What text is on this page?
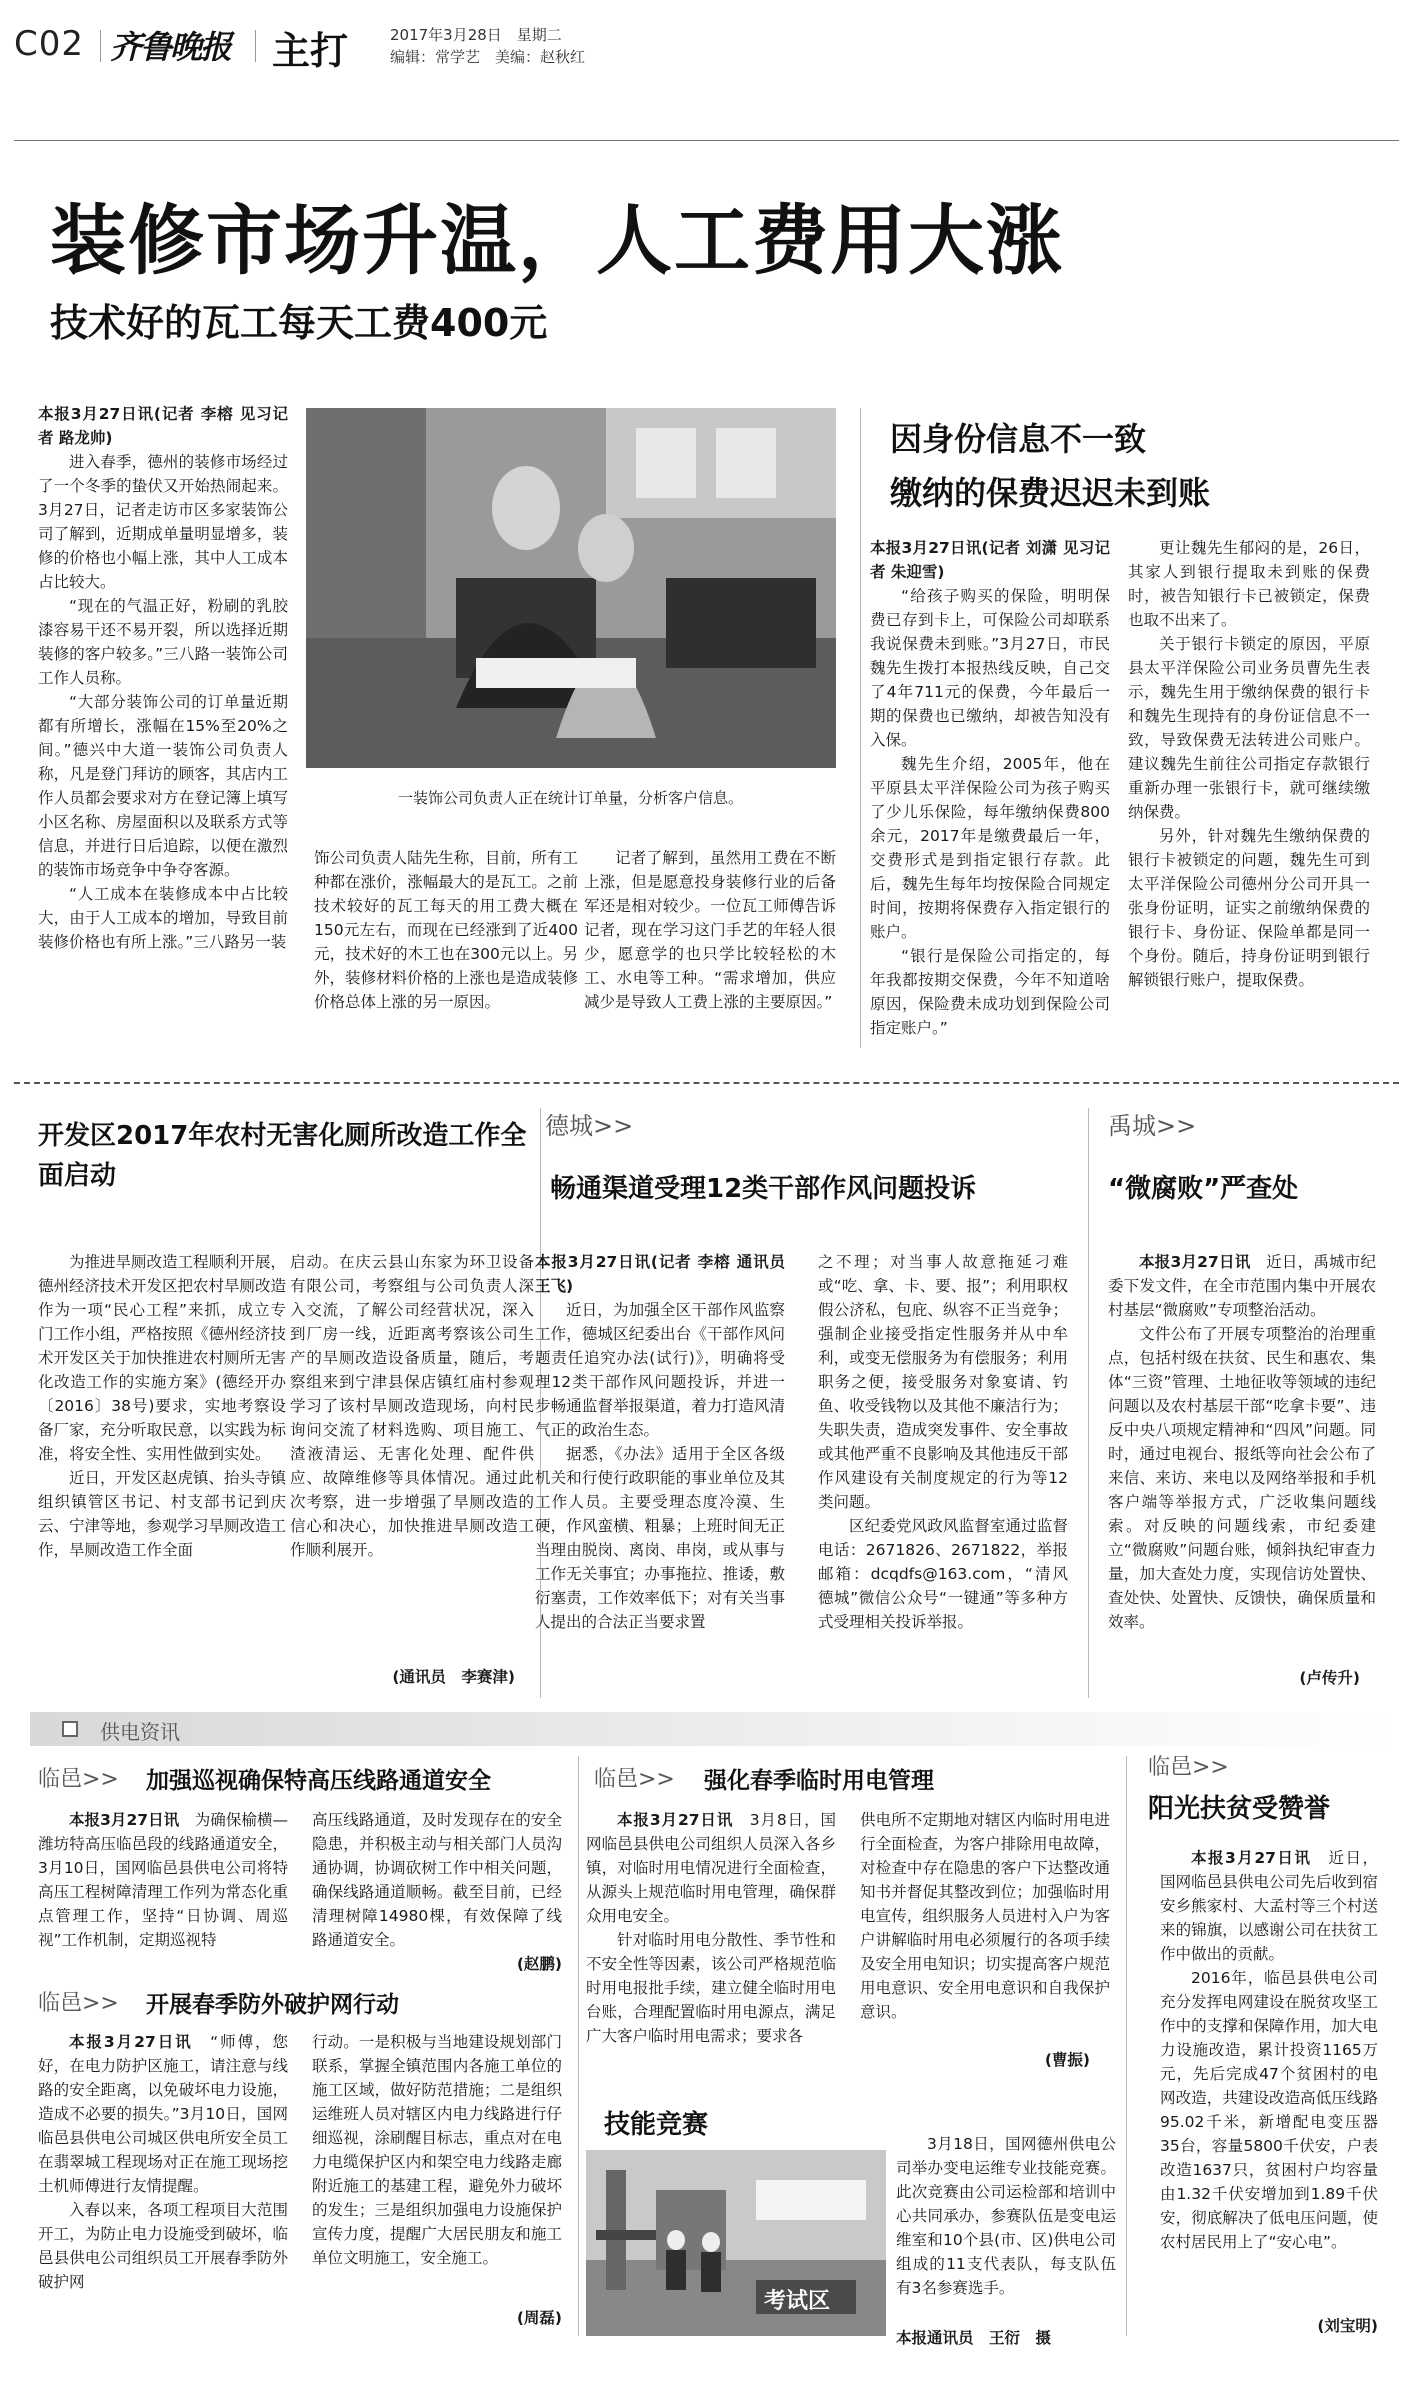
C02 齐鲁晚报 主打	2017年3月28日　星期二
编辑：常学艺　美编：赵秋红
装修市场升温，人工费用大涨
技术好的瓦工每天工费400元
本报3月27日讯(记者 李榕 见习记者 路龙帅)

进入春季，德州的装修市场经过了一个冬季的蛰伏又开始热闹起来。3月27日，记者走访市区多家装饰公司了解到，近期成单量明显增多，装修的价格也小幅上涨，其中人工成本占比较大。

“现在的气温正好，粉刷的乳胶漆容易干还不易开裂，所以选择近期装修的客户较多。”三八路一装饰公司工作人员称。

“大部分装饰公司的订单量近期都有所增长，涨幅在15%至20%之间。”德兴中大道一装饰公司负责人称，凡是登门拜访的顾客，其店内工作人员都会要求对方在登记簿上填写小区名称、房屋面积以及联系方式等信息，并进行日后追踪，以便在激烈的装饰市场竞争中争夺客源。

“人工成本在装修成本中占比较大，由于人工成本的增加，导致目前装修价格也有所上涨。”三八路另一装

一装饰公司负责人正在统计订单量，分析客户信息。
饰公司负责人陆先生称，目前，所有工种都在涨价，涨幅最大的是瓦工。之前技术较好的瓦工每天的用工费大概在150元左右，而现在已经涨到了近400元，技术好的木工也在300元以上。另外，装修材料价格的上涨也是造成装修价格总体上涨的另一原因。

记者了解到，虽然用工费在不断上涨，但是愿意投身装修行业的后备军还是相对较少。一位瓦工师傅告诉记者，现在学习这门手艺的年轻人很少，愿意学的也只学比较轻松的木工、水电等工种。“需求增加，供应减少是导致人工费上涨的主要原因。”

因身份信息不一致
缴纳的保费迟迟未到账
本报3月27日讯(记者 刘潇 见习记者 朱迎雪)

“给孩子购买的保险，明明保费已存到卡上，可保险公司却联系我说保费未到账。”3月27日，市民魏先生拨打本报热线反映，自己交了4年711元的保费，今年最后一期的保费也已缴纳，却被告知没有入保。

魏先生介绍，2005年，他在平原县太平洋保险公司为孩子购买了少儿乐保险，每年缴纳保费800余元，2017年是缴费最后一年，交费形式是到指定银行存款。此后，魏先生每年均按保险合同规定时间，按期将保费存入指定银行的账户。

“银行是保险公司指定的，每年我都按期交保费，今年不知道啥原因，保险费未成功划到保险公司指定账户。”

更让魏先生郁闷的是，26日，其家人到银行提取未到账的保费时，被告知银行卡已被锁定，保费也取不出来了。

关于银行卡锁定的原因，平原县太平洋保险公司业务员曹先生表示，魏先生用于缴纳保费的银行卡和魏先生现持有的身份证信息不一致，导致保费无法转进公司账户。建议魏先生前往公司指定存款银行重新办理一张银行卡，就可继续缴纳保费。

另外，针对魏先生缴纳保费的银行卡被锁定的问题，魏先生可到太平洋保险公司德州分公司开具一张身份证明，证实之前缴纳保费的银行卡、身份证、保险单都是同一个身份。随后，持身份证明到银行解锁银行账户，提取保费。

开发区2017年农村无害化厕所改造工作全面启动

为推进旱厕改造工程顺利开展，德州经济技术开发区把农村旱厕改造作为一项“民心工程”来抓，成立专门工作小组，严格按照《德州经济技术开发区关于加快推进农村厕所无害化改造工作的实施方案》(德经开办〔2016〕38号)要求，实地考察设备厂家，充分听取民意，以实践为标准，将安全性、实用性做到实处。

近日，开发区赵虎镇、抬头寺镇组织镇管区书记、村支部书记到庆云、宁津等地，参观学习旱厕改造工作，旱厕改造工作全面

启动。在庆云县山东家为环卫设备有限公司，考察组与公司负责人深入交流，了解公司经营状况，深入到厂房一线，近距离考察该公司生产的旱厕改造设备质量，随后，考察组来到宁津县保店镇红庙村参观学习了该村旱厕改造现场，向村民询问交流了材料选购、项目施工、渣液清运、无害化处理、配件供应、故障维修等具体情况。通过此次考察，进一步增强了旱厕改造的信心和决心，加快推进旱厕改造工作顺利展开。

(通讯员　李赛津)
德城>>
畅通渠道受理12类干部作风问题投诉
本报3月27日讯(记者 李榕 通讯员 王飞)

近日，为加强全区干部作风监察工作，德城区纪委出台《干部作风问题责任追究办法(试行)》，明确将受理12类干部作风问题投诉，并进一步畅通监督举报渠道，着力打造风清气正的政治生态。

据悉，《办法》适用于全区各级机关和行使行政职能的事业单位及其工作人员。主要受理态度冷漠、生硬，作风蛮横、粗暴；上班时间无正当理由脱岗、离岗、串岗，或从事与工作无关事宜；办事拖拉、推诿，敷衍塞责，工作效率低下；对有关当事人提出的合法正当要求置

之不理；对当事人故意拖延刁难或“吃、拿、卡、要、报”；利用职权假公济私，包庇、纵容不正当竞争；强制企业接受指定性服务并从中牟利，或变无偿服务为有偿服务；利用职务之便，接受服务对象宴请、钓鱼、收受钱物以及其他不廉洁行为；失职失责，造成突发事件、安全事故或其他严重不良影响及其他违反干部作风建设有关制度规定的行为等12类问题。

区纪委党风政风监督室通过监督电话：2671826、2671822，举报邮箱：dcqdfs@163.com，“清风德城”微信公众号“一键通”等多种方式受理相关投诉举报。

禹城>>
“微腐败”严查处

本报3月27日讯　近日，禹城市纪委下发文件，在全市范围内集中开展农村基层“微腐败”专项整治活动。

文件公布了开展专项整治的治理重点，包括村级在扶贫、民生和惠农、集体“三资”管理、土地征收等领域的违纪问题以及农村基层干部“吃拿卡要”、违反中央八项规定精神和“四风”问题。同时，通过电视台、报纸等向社会公布了来信、来访、来电以及网络举报和手机客户端等举报方式，广泛收集问题线索。对反映的问题线索，市纪委建立“微腐败”问题台账，倾斜执纪审查力量，加大查处力度，实现信访处置快、查处快、处置快、反馈快，确保质量和效率。

(卢传升)
供电资讯
临邑>> 加强巡视确保特高压线路通道安全

本报3月27日讯　为确保榆横—潍坊特高压临邑段的线路通道安全，3月10日，国网临邑县供电公司将特高压工程树障清理工作列为常态化重点管理工作，坚持“日协调、周巡视”工作机制，定期巡视特

高压线路通道，及时发现存在的安全隐患，并积极主动与相关部门人员沟通协调，协调砍树工作中相关问题，确保线路通道顺畅。截至目前，已经清理树障14980棵，有效保障了线路通道安全。
(赵鹏)
临邑>> 开展春季防外破护网行动

本报3月27日讯　“师傅，您好，在电力防护区施工，请注意与线路的安全距离，以免破坏电力设施，造成不必要的损失。”3月10日，国网临邑县供电公司城区供电所安全员工在翡翠城工程现场对正在施工现场挖土机师傅进行友情提醒。

入春以来，各项工程项目大范围开工，为防止电力设施受到破坏，临邑县供电公司组织员工开展春季防外破护网

行动。一是积极与当地建设规划部门联系，掌握全镇范围内各施工单位的施工区域，做好防范措施；二是组织运维班人员对辖区内电力线路进行仔细巡视，涂刷醒目标志，重点对在电力电缆保护区内和架空电力线路走廊附近施工的基建工程，避免外力破坏的发生；三是组织加强电力设施保护宣传力度，提醒广大居民朋友和施工单位文明施工，安全施工。

(周磊)
临邑>> 强化春季临时用电管理

本报3月27日讯　3月8日，国网临邑县供电公司组织人员深入各乡镇，对临时用电情况进行全面检查，从源头上规范临时用电管理，确保群众用电安全。

针对临时用电分散性、季节性和不安全性等因素，该公司严格规范临时用电报批手续，建立健全临时用电台账，合理配置临时用电源点，满足广大客户临时用电需求；要求各

供电所不定期地对辖区内临时用电进行全面检查，为客户排除用电故障，对检查中存在隐患的客户下达整改通知书并督促其整改到位；加强临时用电宣传，组织服务人员进村入户为客户讲解临时用电必须履行的各项手续及安全用电知识；切实提高客户规范用电意识、安全用电意识和自我保护意识。
(曹振)
技能竞赛
考试区

3月18日，国网德州供电公司举办变电运维专业技能竞赛。此次竞赛由公司运检部和培训中心共同承办，参赛队伍是变电运维室和10个县(市、区)供电公司组成的11支代表队，每支队伍有3名参赛选手。

本报通讯员　王衍　摄
临邑>>
阳光扶贫受赞誉

本报3月27日讯　近日，国网临邑县供电公司先后收到宿安乡熊家村、大孟村等三个村送来的锦旗，以感谢公司在扶贫工作中做出的贡献。

2016年，临邑县供电公司充分发挥电网建设在脱贫攻坚工作中的支撑和保障作用，加大电力设施改造，累计投资1165万元，先后完成47个贫困村的电网改造，共建设改造高低压线路95.02千米，新增配电变压器35台，容量5800千伏安，户表改造1637只，贫困村户均容量由1.32千伏安增加到1.89千伏安，彻底解决了低电压问题，使农村居民用上了“安心电”。

(刘宝明)
